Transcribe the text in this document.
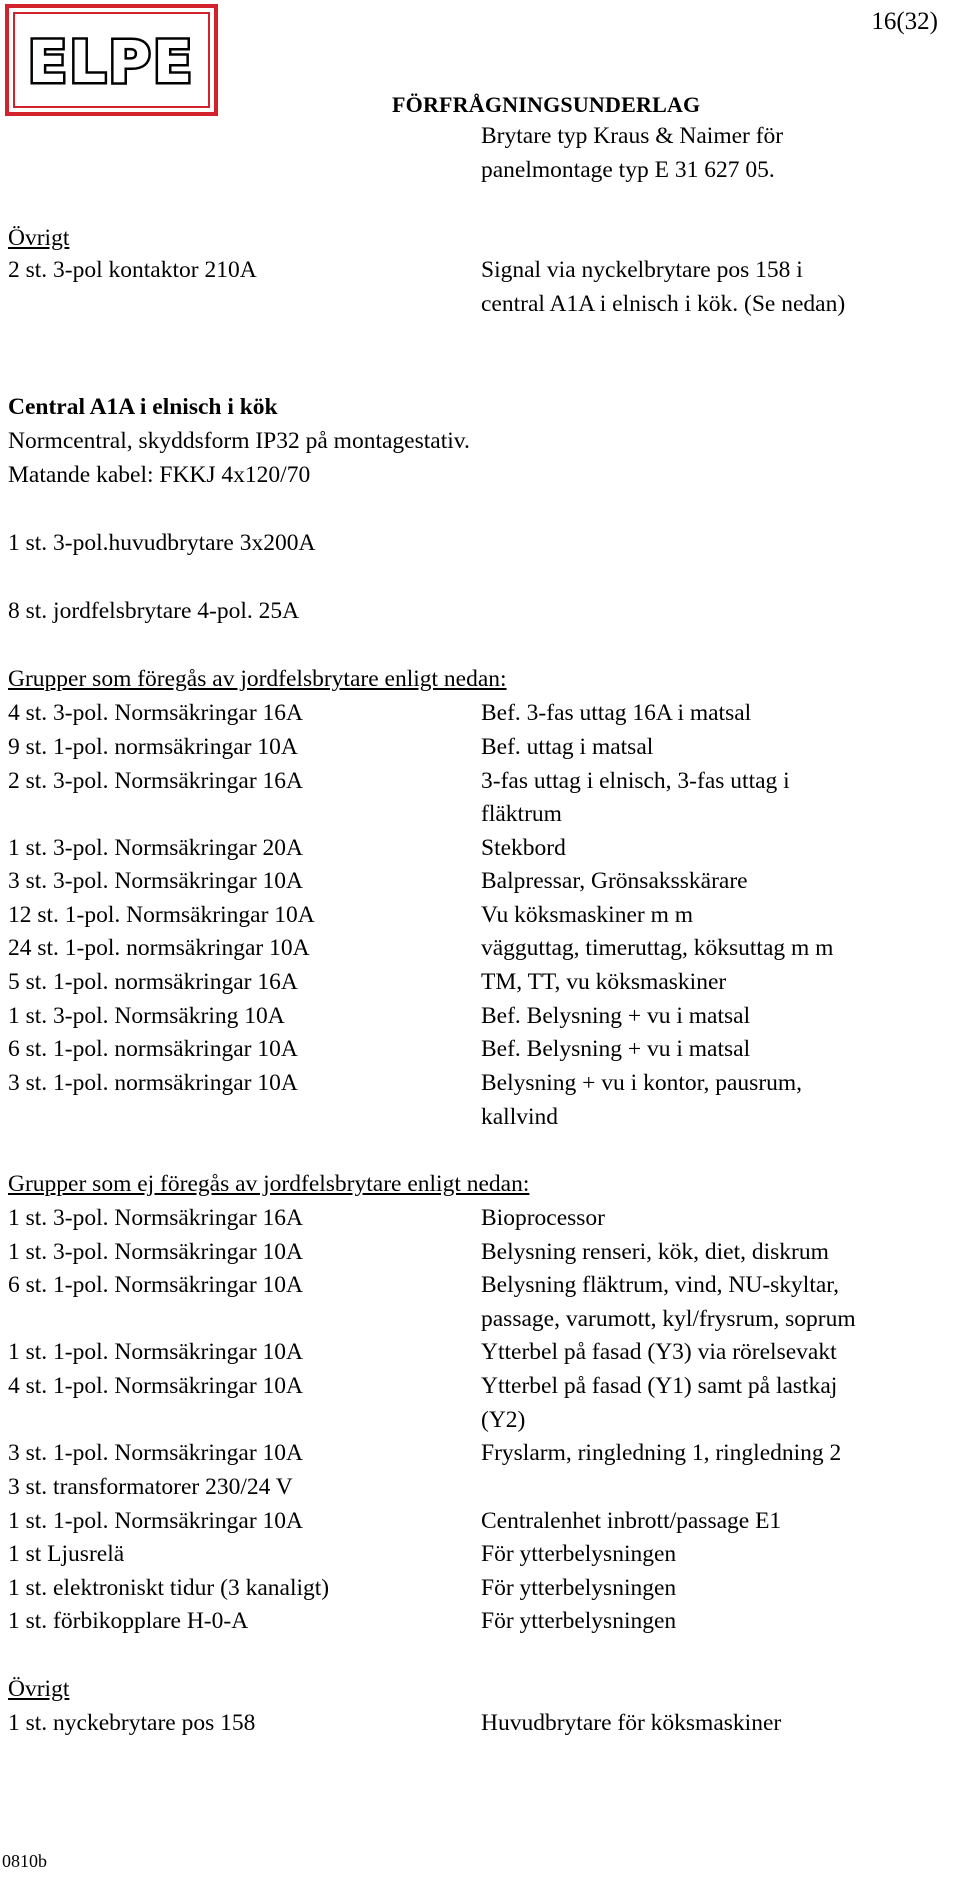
ELPE
16(32)
FÖRFRÅGNINGSUNDERLAG
Brytare typ Kraus & Naimer för
panelmontage typ E 31 627 05.
Övrigt
2 st. 3-pol kontaktor 210A	Signal via nyckelbrytare pos 158 i
central A1A i elnisch i kök. (Se nedan)
Central A1A i elnisch i kök
Normcentral, skyddsform IP32 på montagestativ.
Matande kabel: FKKJ 4x120/70
1 st. 3-pol.huvudbrytare 3x200A
8 st. jordfelsbrytare 4-pol. 25A
Grupper som föregås av jordfelsbrytare enligt nedan:
4 st. 3-pol. Normsäkringar 16A	Bef. 3-fas uttag 16A i matsal
9 st. 1-pol. normsäkringar 10A	Bef. uttag i matsal
2 st. 3-pol. Normsäkringar 16A	3-fas uttag i elnisch, 3-fas uttag i
fläktrum
1 st. 3-pol. Normsäkringar 20A	Stekbord
3 st. 3-pol. Normsäkringar 10A	Balpressar, Grönsaksskärare
12 st. 1-pol. Normsäkringar 10A	Vu köksmaskiner m m
24 st. 1-pol. normsäkringar 10A	vägguttag, timeruttag, köksuttag m m
5 st. 1-pol. normsäkringar 16A	TM, TT, vu köksmaskiner
1 st. 3-pol. Normsäkring 10A	Bef. Belysning + vu i matsal
6 st. 1-pol. normsäkringar 10A	Bef. Belysning + vu i matsal
3 st. 1-pol. normsäkringar 10A	Belysning + vu i kontor, pausrum,
kallvind
Grupper som ej föregås av jordfelsbrytare enligt nedan:
1 st. 3-pol. Normsäkringar 16A	Bioprocessor
1 st. 3-pol. Normsäkringar 10A	Belysning renseri, kök, diet, diskrum
6 st. 1-pol. Normsäkringar 10A	Belysning fläktrum, vind, NU-skyltar,
passage, varumott, kyl/frysrum, soprum
1 st. 1-pol. Normsäkringar 10A	Ytterbel på fasad (Y3) via rörelsevakt
4 st. 1-pol. Normsäkringar 10A	Ytterbel på fasad (Y1) samt på lastkaj
(Y2)
3 st. 1-pol. Normsäkringar 10A	Fryslarm, ringledning 1, ringledning 2
3 st. transformatorer 230/24 V
1 st. 1-pol. Normsäkringar 10A	Centralenhet inbrott/passage E1
1 st Ljusrelä	För ytterbelysningen
1 st. elektroniskt tidur (3 kanaligt)	För ytterbelysningen
1 st. förbikopplare H-0-A	För ytterbelysningen
Övrigt
1 st. nyckebrytare pos 158	Huvudbrytare för köksmaskiner
0810b
